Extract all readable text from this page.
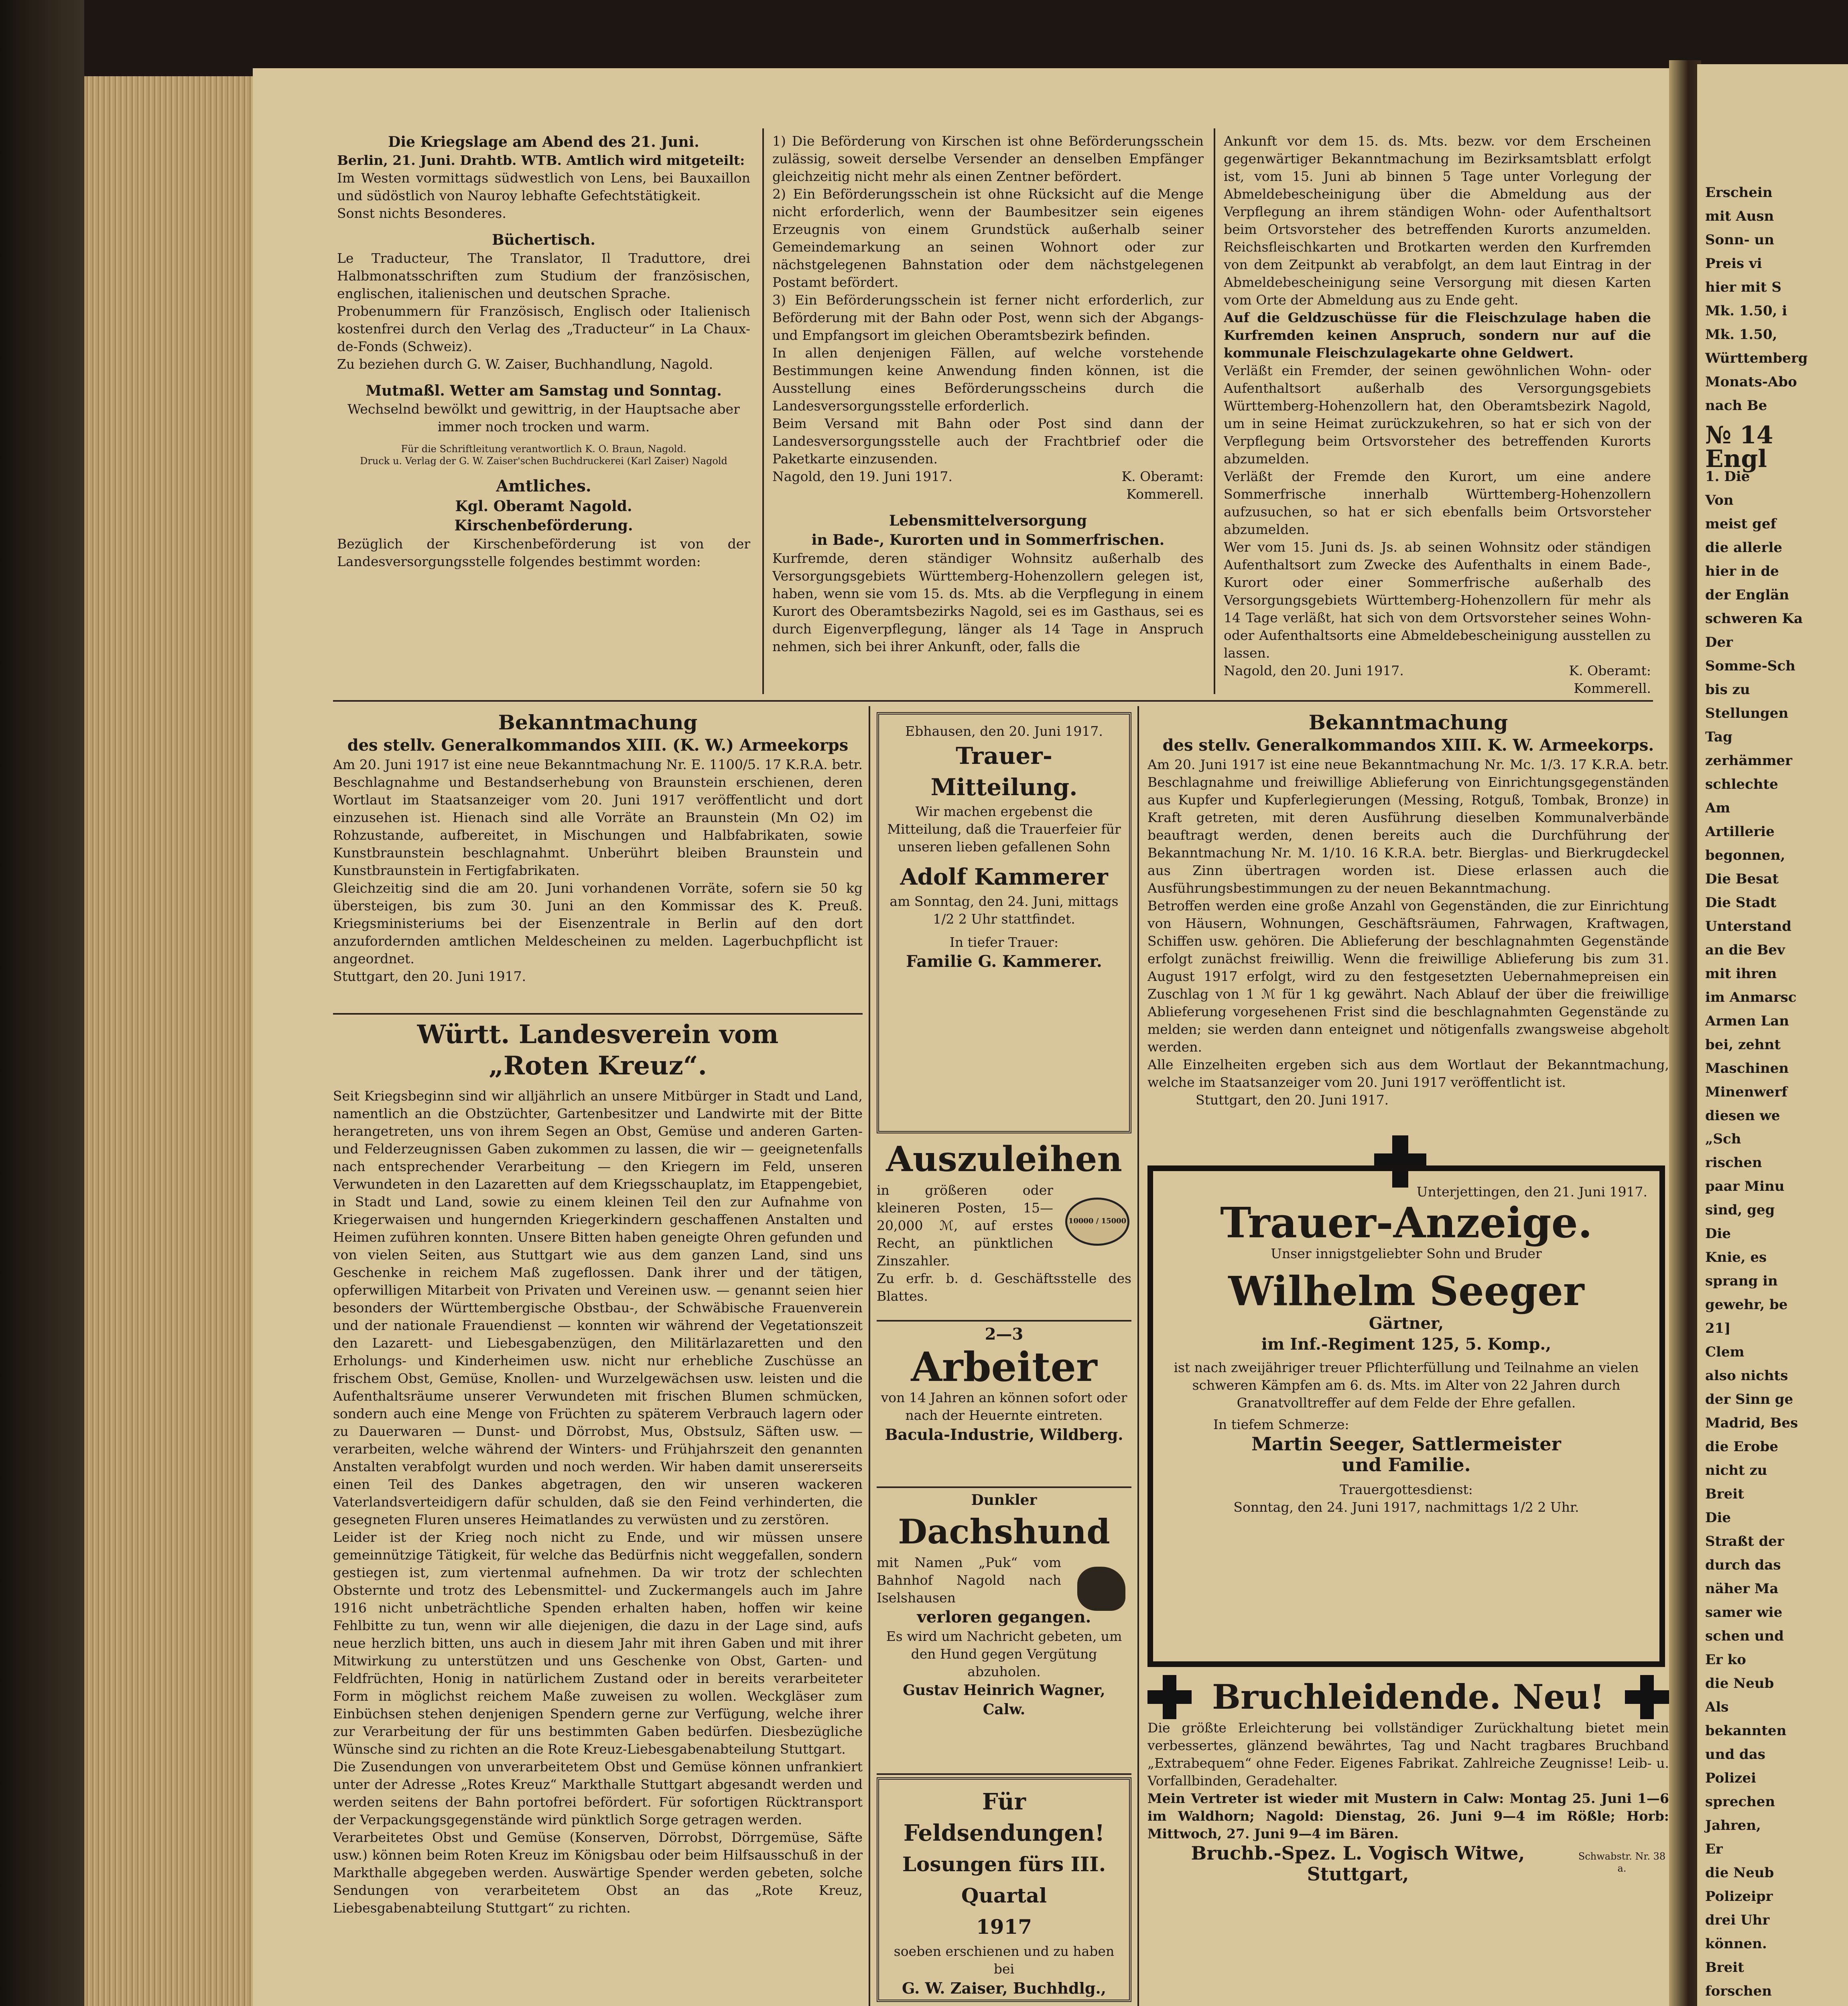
Erschein
mit Ausn
Sonn- un
Preis vi
hier mit S
Mk. 1.50, i
Mk. 1.50,
Württemberg
Monats-Abo
nach Be
№ 14
Engl
1. Die
Von
meist gef
die allerle
hier in de
der Englän
schweren Ka
Der
Somme-Sch
bis zu
Stellungen
Tag
zerhämmer
schlechte
Am
Artillerie
begonnen,
Die Besat
Die Stadt
Unterstand
an die Bev
mit ihren
im Anmarsc
Armen Lan
bei, zehnt
Maschinen
Minenwerf
diesen we
„Sch
rischen
paar Minu
sind, geg
Die
Knie, es
sprang in
gewehr, be
21]
Clem
also nichts
der Sinn ge
Madrid, Bes
die Erobe
nicht zu
Breit
Die
Straßt der
durch das
näher Ma
samer wie
schen und
Er ko
die Neub
Als
bekannten
und das
Polizei
sprechen
Jahren,
Er
die Neub
Polizeipr
drei Uhr
können.
Breit
forschen

Die Kriegslage am Abend des 21. Juni.

Berlin, 21. Juni. Drahtb. WTB. Amtlich wird mitgeteilt:

Im Westen vormittags südwestlich von Lens, bei Bauxaillon und südöstlich von Nauroy lebhafte Gefechtstätigkeit.

Sonst nichts Besonderes.

Büchertisch.

Le Traducteur, The Translator, Il Traduttore, drei Halbmonatsschriften zum Studium der französischen, englischen, italienischen und deutschen Sprache.

Probenummern für Französisch, Englisch oder Italienisch kostenfrei durch den Verlag des „Traducteur“ in La Chaux-de-Fonds (Schweiz).

Zu beziehen durch G. W. Zaiser, Buchhandlung, Nagold.

Mutmaßl. Wetter am Samstag und Sonntag.

Wechselnd bewölkt und gewittrig, in der Hauptsache aber immer noch trocken und warm.

Für die Schriftleitung verantwortlich K. O. Braun, Nagold.

Druck u. Verlag der G. W. Zaiser'schen Buchdruckerei (Karl Zaiser) Nagold

Amtliches.

Kgl. Oberamt Nagold.

Kirschenbeförderung.

Bezüglich der Kirschenbeförderung ist von der Landesversorgungsstelle folgendes bestimmt worden:

1) Die Beförderung von Kirschen ist ohne Beförderungsschein zulässig, soweit derselbe Versender an denselben Empfänger gleichzeitig nicht mehr als einen Zentner befördert.

2) Ein Beförderungsschein ist ohne Rücksicht auf die Menge nicht erforderlich, wenn der Baumbesitzer sein eigenes Erzeugnis von einem Grundstück außerhalb seiner Gemeindemarkung an seinen Wohnort oder zur nächstgelegenen Bahnstation oder dem nächstgelegenen Postamt befördert.

3) Ein Beförderungsschein ist ferner nicht erforderlich, zur Beförderung mit der Bahn oder Post, wenn sich der Abgangs- und Empfangsort im gleichen Oberamtsbezirk befinden.

In allen denjenigen Fällen, auf welche vorstehende Bestimmungen keine Anwendung finden können, ist die Ausstellung eines Beförderungsscheins durch die Landesversorgungsstelle erforderlich.

Beim Versand mit Bahn oder Post sind dann der Landesversorgungsstelle auch der Frachtbrief oder die Paketkarte einzusenden.

Nagold, den 19. Juni 1917.	K. Oberamt:

Kommerell.

Lebensmittelversorgung

in Bade-, Kurorten und in Sommerfrischen.

Kurfremde, deren ständiger Wohnsitz außerhalb des Versorgungsgebiets Württemberg-Hohenzollern gelegen ist, haben, wenn sie vom 15. ds. Mts. ab die Verpflegung in einem Kurort des Oberamtsbezirks Nagold, sei es im Gasthaus, sei es durch Eigenverpflegung, länger als 14 Tage in Anspruch nehmen, sich bei ihrer Ankunft, oder, falls die

Ankunft vor dem 15. ds. Mts. bezw. vor dem Erscheinen gegenwärtiger Bekanntmachung im Bezirksamtsblatt erfolgt ist, vom 15. Juni ab binnen 5 Tage unter Vorlegung der Abmeldebescheinigung über die Abmeldung aus der Verpflegung an ihrem ständigen Wohn- oder Aufenthaltsort beim Ortsvorsteher des betreffenden Kurorts anzumelden. Reichsfleischkarten und Brotkarten werden den Kurfremden von dem Zeitpunkt ab verabfolgt, an dem laut Eintrag in der Abmeldebescheinigung seine Versorgung mit diesen Karten vom Orte der Abmeldung aus zu Ende geht.

Auf die Geldzuschüsse für die Fleischzulage haben die Kurfremden keinen Anspruch, sondern nur auf die kommunale Fleischzulagekarte ohne Geldwert.

Verläßt ein Fremder, der seinen gewöhnlichen Wohn- oder Aufenthaltsort außerhalb des Versorgungsgebiets Württemberg-Hohenzollern hat, den Oberamtsbezirk Nagold, um in seine Heimat zurückzukehren, so hat er sich von der Verpflegung beim Ortsvorsteher des betreffenden Kurorts abzumelden.

Verläßt der Fremde den Kurort, um eine andere Sommerfrische innerhalb Württemberg-Hohenzollern aufzusuchen, so hat er sich ebenfalls beim Ortsvorsteher abzumelden.

Wer vom 15. Juni ds. Js. ab seinen Wohnsitz oder ständigen Aufenthaltsort zum Zwecke des Aufenthalts in einem Bade-, Kurort oder einer Sommerfrische außerhalb des Versorgungsgebiets Württemberg-Hohenzollern für mehr als 14 Tage verläßt, hat sich von dem Ortsvorsteher seines Wohn- oder Aufenthaltsorts eine Abmeldebescheinigung ausstellen zu lassen.

Nagold, den 20. Juni 1917.	K. Oberamt:

Kommerell.

Bekanntmachung

des stellv. Generalkommandos XIII. (K. W.) Armeekorps

Am 20. Juni 1917 ist eine neue Bekanntmachung Nr. E. 1100/5. 17 K.R.A. betr. Beschlagnahme und Bestandserhebung von Braunstein erschienen, deren Wortlaut im Staatsanzeiger vom 20. Juni 1917 veröffentlicht und dort einzusehen ist. Hienach sind alle Vorräte an Braunstein (Mn O2) im Rohzustande, aufbereitet, in Mischungen und Halbfabrikaten, sowie Kunstbraunstein beschlagnahmt. Unberührt bleiben Braunstein und Kunstbraunstein in Fertigfabrikaten.

Gleichzeitig sind die am 20. Juni vorhandenen Vorräte, sofern sie 50 kg übersteigen, bis zum 30. Juni an den Kommissar des K. Preuß. Kriegsministeriums bei der Eisenzentrale in Berlin auf den dort anzufordernden amtlichen Meldescheinen zu melden. Lagerbuchpflicht ist angeordnet.

Stuttgart, den 20. Juni 1917.

Württ. Landesverein vom

„Roten Kreuz“.

Seit Kriegsbeginn sind wir alljährlich an unsere Mitbürger in Stadt und Land, namentlich an die Obstzüchter, Gartenbesitzer und Landwirte mit der Bitte herangetreten, uns von ihrem Segen an Obst, Gemüse und anderen Garten- und Felderzeugnissen Gaben zukommen zu lassen, die wir — geeignetenfalls nach entsprechender Verarbeitung — den Kriegern im Feld, unseren Verwundeten in den Lazaretten auf dem Kriegsschauplatz, im Etappengebiet, in Stadt und Land, sowie zu einem kleinen Teil den zur Aufnahme von Kriegerwaisen und hungernden Kriegerkindern geschaffenen Anstalten und Heimen zuführen konnten. Unsere Bitten haben geneigte Ohren gefunden und von vielen Seiten, aus Stuttgart wie aus dem ganzen Land, sind uns Geschenke in reichem Maß zugeflossen. Dank ihrer und der tätigen, opferwilligen Mitarbeit von Privaten und Vereinen usw. — genannt seien hier besonders der Württembergische Obstbau-, der Schwäbische Frauenverein und der nationale Frauendienst — konnten wir während der Vegetationszeit den Lazarett- und Liebesgabenzügen, den Militärlazaretten und den Erholungs- und Kinderheimen usw. nicht nur erhebliche Zuschüsse an frischem Obst, Gemüse, Knollen- und Wurzelgewächsen usw. leisten und die Aufenthaltsräume unserer Verwundeten mit frischen Blumen schmücken, sondern auch eine Menge von Früchten zu späterem Verbrauch lagern oder zu Dauerwaren — Dunst- und Dörrobst, Mus, Obstsulz, Säften usw. — verarbeiten, welche während der Winters- und Frühjahrszeit den genannten Anstalten verabfolgt wurden und noch werden. Wir haben damit unsererseits einen Teil des Dankes abgetragen, den wir unseren wackeren Vaterlandsverteidigern dafür schulden, daß sie den Feind verhinderten, die gesegneten Fluren unseres Heimatlandes zu verwüsten und zu zerstören.

Leider ist der Krieg noch nicht zu Ende, und wir müssen unsere gemeinnützige Tätigkeit, für welche das Bedürfnis nicht weggefallen, sondern gestiegen ist, zum viertenmal aufnehmen. Da wir trotz der schlechten Obsternte und trotz des Lebensmittel- und Zuckermangels auch im Jahre 1916 nicht unbeträchtliche Spenden erhalten haben, hoffen wir keine Fehlbitte zu tun, wenn wir alle diejenigen, die dazu in der Lage sind, aufs neue herzlich bitten, uns auch in diesem Jahr mit ihren Gaben und mit ihrer Mitwirkung zu unterstützen und uns Geschenke von Obst, Garten- und Feldfrüchten, Honig in natürlichem Zustand oder in bereits verarbeiteter Form in möglichst reichem Maße zuweisen zu wollen. Weckgläser zum Einbüchsen stehen denjenigen Spendern gerne zur Verfügung, welche ihrer zur Verarbeitung der für uns bestimmten Gaben bedürfen. Diesbezügliche Wünsche sind zu richten an die Rote Kreuz-Liebesgabenabteilung Stuttgart.

Die Zusendungen von unverarbeitetem Obst und Gemüse können unfrankiert unter der Adresse „Rotes Kreuz“ Markthalle Stuttgart abgesandt werden und werden seitens der Bahn portofrei befördert. Für sofortigen Rücktransport der Verpackungsgegenstände wird pünktlich Sorge getragen werden.

Verarbeitetes Obst und Gemüse (Konserven, Dörrobst, Dörrgemüse, Säfte usw.) können beim Roten Kreuz im Königsbau oder beim Hilfsausschuß in der Markthalle abgegeben werden. Auswärtige Spender werden gebeten, solche Sendungen von verarbeitetem Obst an das „Rote Kreuz, Liebesgabenabteilung Stuttgart“ zu richten.

Ebhausen, den 20. Juni 1917.

Trauer-Mitteilung.

Wir machen ergebenst die Mitteilung, daß die Trauerfeier für unseren lieben gefallenen Sohn

Adolf Kammerer

am Sonntag, den 24. Juni, mittags 1/2 2 Uhr stattfindet.

In tiefer Trauer:

Familie G. Kammerer.

Auszuleihen

in größeren oder kleineren Posten, 15—20,000 ℳ, auf erstes Recht, an pünktlichen Zinszahler.

10000 / 15000

Zu erfr. b. d. Geschäftsstelle des Blattes.

2—3

Arbeiter

von 14 Jahren an können sofort oder nach der Heuernte eintreten.

Bacula-Industrie, Wildberg.

Dunkler

Dachshund

mit Namen „Puk“ vom Bahnhof Nagold nach Iselshausen

verloren gegangen.

Es wird um Nachricht gebeten, um den Hund gegen Vergütung abzuholen.

Gustav Heinrich Wagner,

Calw.

Für Feldsendungen!

Losungen fürs III. Quartal

1917

soeben erschienen und zu haben bei

G. W. Zaiser, Buchhdlg.,

Bekanntmachung

des stellv. Generalkommandos XIII. K. W. Armeekorps.

Am 20. Juni 1917 ist eine neue Bekanntmachung Nr. Mc. 1/3. 17 K.R.A. betr. Beschlagnahme und freiwillige Ablieferung von Einrichtungsgegenständen aus Kupfer und Kupferlegierungen (Messing, Rotguß, Tombak, Bronze) in Kraft getreten, mit deren Ausführung dieselben Kommunalverbände beauftragt werden, denen bereits auch die Durchführung der Bekanntmachung Nr. M. 1/10. 16 K.R.A. betr. Bierglas- und Bierkrugdeckel aus Zinn übertragen worden ist. Diese erlassen auch die Ausführungsbestimmungen zu der neuen Bekanntmachung.

Betroffen werden eine große Anzahl von Gegenständen, die zur Einrichtung von Häusern, Wohnungen, Geschäftsräumen, Fahrwagen, Kraftwagen, Schiffen usw. gehören. Die Ablieferung der beschlagnahmten Gegenstände erfolgt zunächst freiwillig. Wenn die freiwillige Ablieferung bis zum 31. August 1917 erfolgt, wird zu den festgesetzten Uebernahmepreisen ein Zuschlag von 1 ℳ für 1 kg gewährt. Nach Ablauf der über die freiwillige Ablieferung vorgesehenen Frist sind die beschlagnahmten Gegenstände zu melden; sie werden dann enteignet und nötigenfalls zwangsweise abgeholt werden.

Alle Einzelheiten ergeben sich aus dem Wortlaut der Bekanntmachung, welche im Staatsanzeiger vom 20. Juni 1917 veröffentlicht ist.

Stuttgart, den 20. Juni 1917.

Unterjettingen, den 21. Juni 1917.

Trauer-Anzeige.

Unser innigstgeliebter Sohn und Bruder

Wilhelm Seeger

Gärtner,

im Inf.-Regiment 125, 5. Komp.,

ist nach zweijähriger treuer Pflichterfüllung und Teilnahme an vielen schweren Kämpfen am 6. ds. Mts. im Alter von 22 Jahren durch Granatvolltreffer auf dem Felde der Ehre gefallen.

In tiefem Schmerze:

Martin Seeger, Sattlermeister

und Familie.

Trauergottesdienst:

Sonntag, den 24. Juni 1917, nachmittags 1/2 2 Uhr.

Bruchleidende. Neu!

Die größte Erleichterung bei vollständiger Zurückhaltung bietet mein verbessertes, glänzend bewährtes, Tag und Nacht tragbares Bruchband „Extrabequem“ ohne Feder. Eigenes Fabrikat. Zahlreiche Zeugnisse! Leib- u. Vorfallbinden, Geradehalter.

Mein Vertreter ist wieder mit Mustern in Calw: Montag 25. Juni 1—6 im Waldhorn; Nagold: Dienstag, 26. Juni 9—4 im Rößle; Horb: Mittwoch, 27. Juni 9—4 im Bären.

Bruchb.-Spez. L. Vogisch Witwe, Stuttgart,
Schwabstr. Nr. 38 a.
